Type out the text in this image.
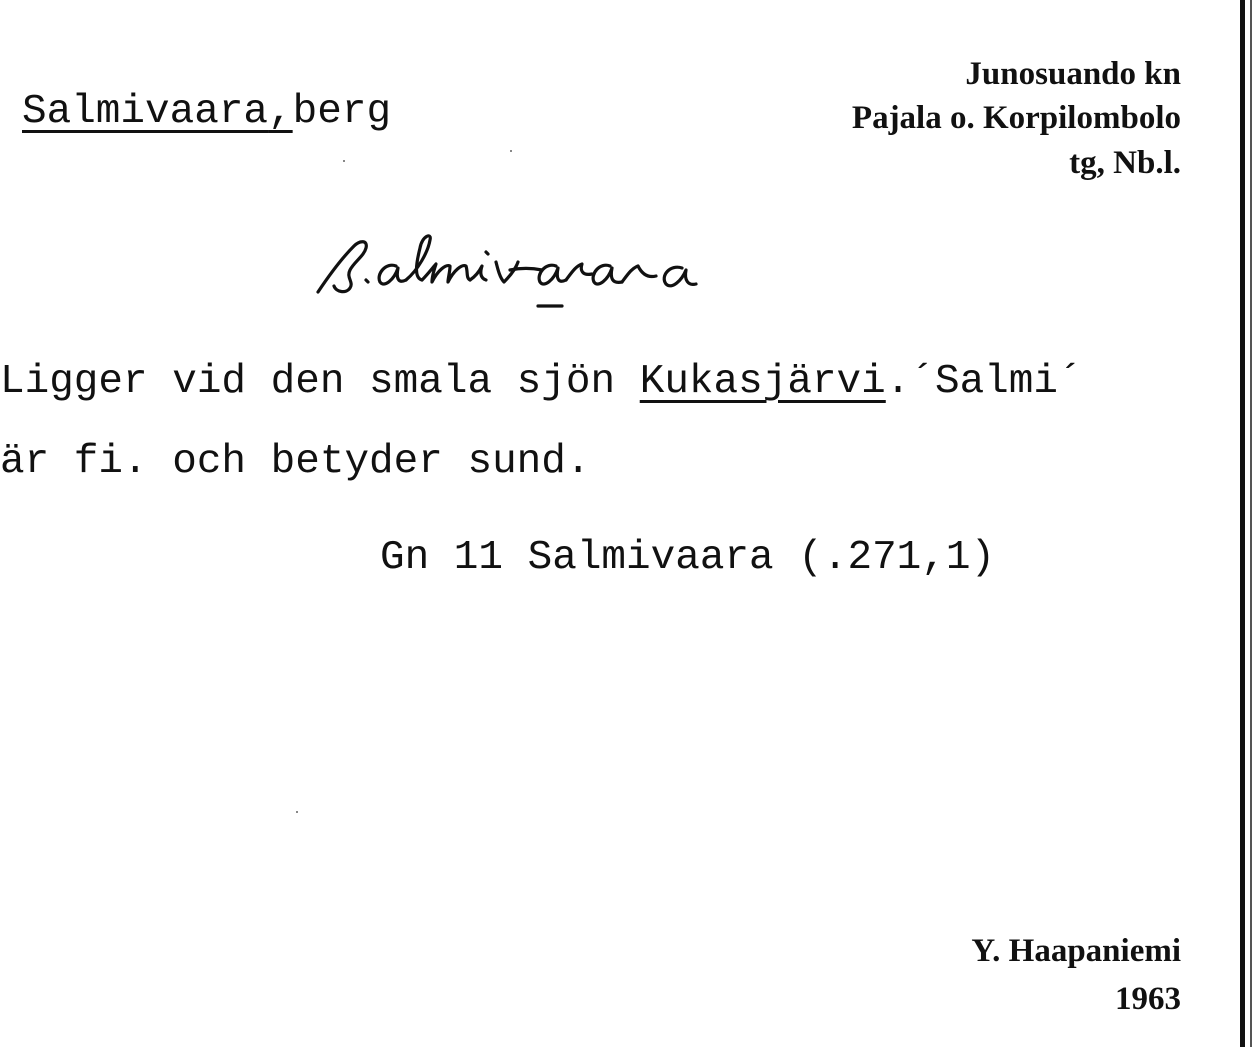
Salmivaara,berg
Junosuando kn
Pajala o. Korpilombolo
tg, Nb.l.
Ligger vid den smala sjön Kukasjärvi.´Salmi´
är fi. och betyder sund.
Gn 11 Salmivaara (.271,1)
Y. Haapaniemi
1963
